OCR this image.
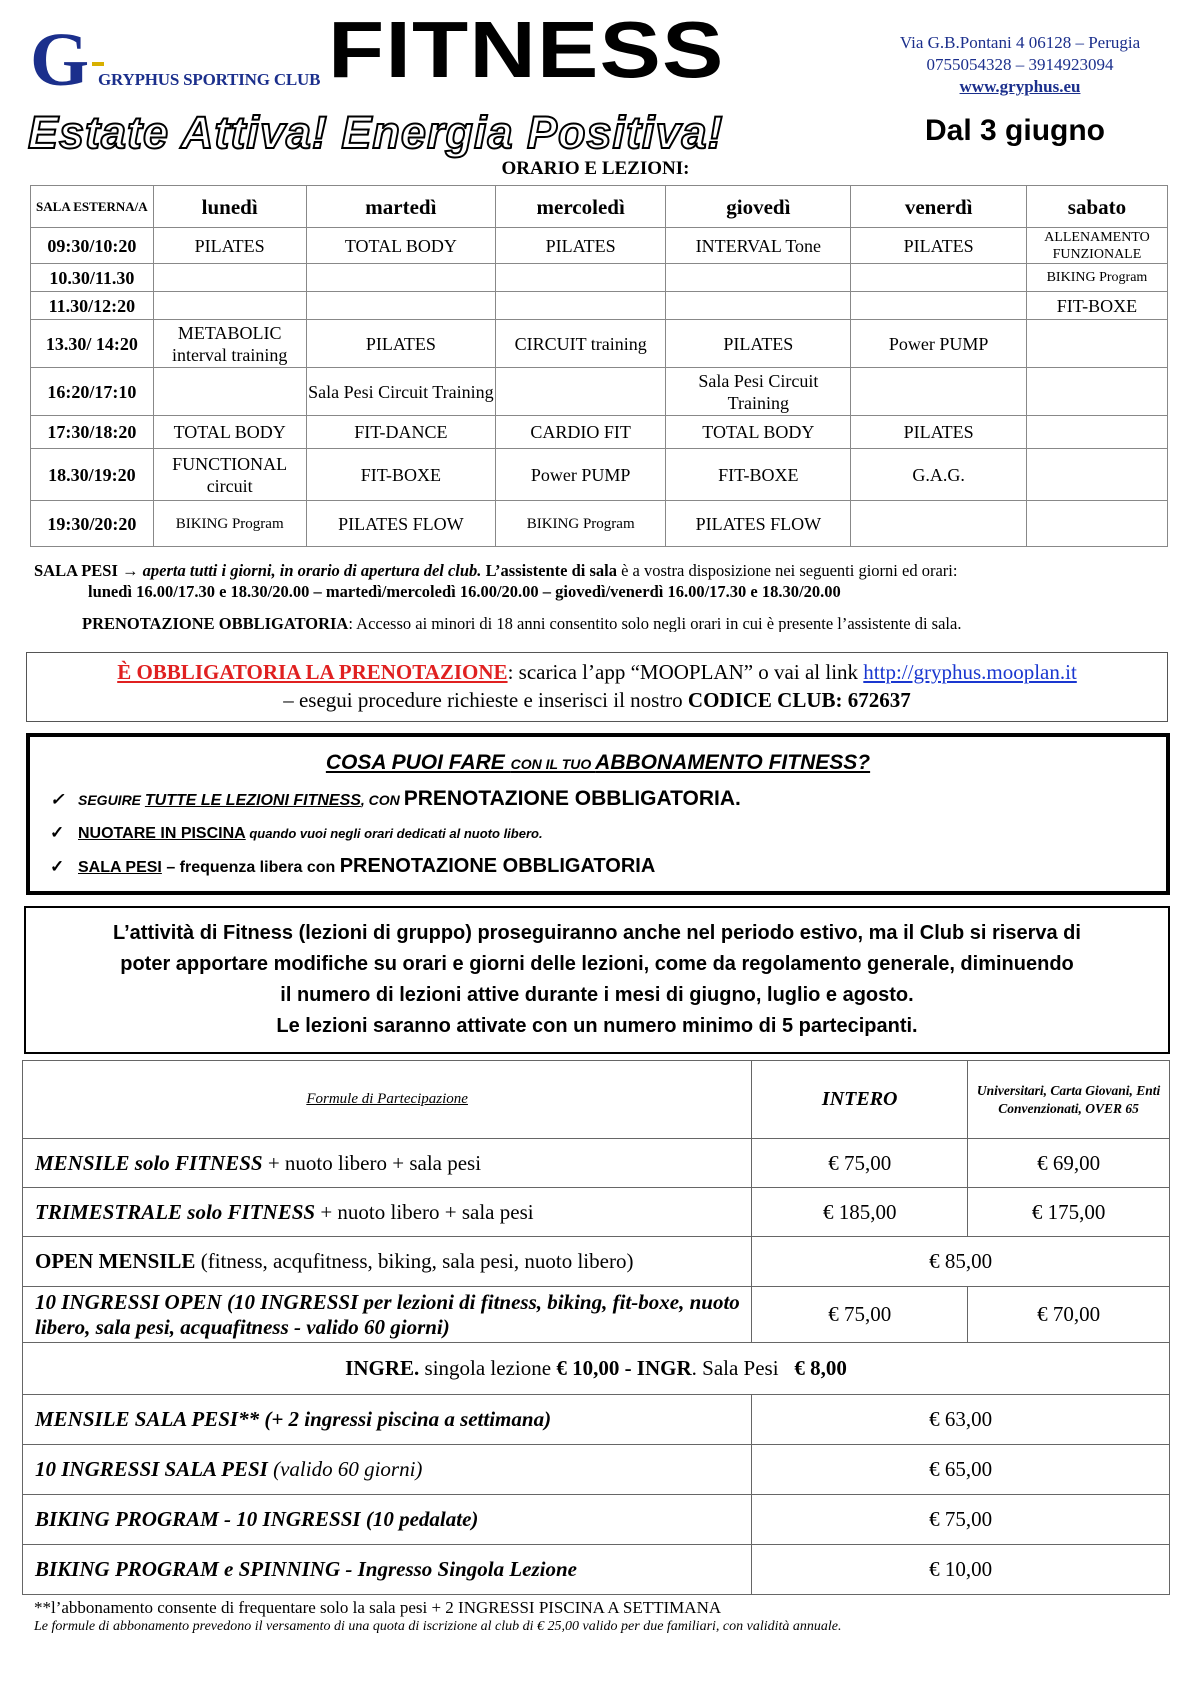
G GRYPHUS SPORTING CLUB FITNESS	Via G.B.Pontani 4 06128 – Perugia
0755054328 – 3914923094
www.gryphus.eu
Estate Attiva! Energia Positiva!	Dal 3 giugno
ORARIO E LEZIONI:
SALA ESTERNA/A	lunedì	martedì	mercoledì	giovedì	venerdì	sabato
09:30/10:20	PILATES	TOTAL BODY	PILATES	INTERVAL Tone	PILATES	ALLENAMENTO FUNZIONALE
10.30/11.30						BIKING Program
11.30/12:20						FIT-BOXE
13.30/ 14:20	METABOLIC interval training	PILATES	CIRCUIT training	PILATES	Power PUMP	
16:20/17:10		Sala Pesi Circuit Training		Sala Pesi Circuit Training		
17:30/18:20	TOTAL BODY	FIT-DANCE	CARDIO FIT	TOTAL BODY	PILATES	
18.30/19:20	FUNCTIONAL circuit	FIT-BOXE	Power PUMP	FIT-BOXE	G.A.G.	
19:30/20:20	BIKING Program	PILATES FLOW	BIKING Program	PILATES FLOW		
SALA PESI → aperta tutti i giorni, in orario di apertura del club. L’assistente di sala è a vostra disposizione nei seguenti giorni ed orari:
lunedì 16.00/17.30 e 18.30/20.00 – martedì/mercoledì 16.00/20.00 – giovedì/venerdì 16.00/17.30 e 18.30/20.00
PRENOTAZIONE OBBLIGATORIA: Accesso ai minori di 18 anni consentito solo negli orari in cui è presente l’assistente di sala.
È OBBLIGATORIA LA PRENOTAZIONE: scarica l’app “MOOPLAN” o vai al link http://gryphus.mooplan.it
– esegui procedure richieste e inserisci il nostro CODICE CLUB: 672637
COSA PUOI FARE CON IL TUO ABBONAMENTO FITNESS?
✓ SEGUIRE TUTTE LE LEZIONI FITNESS, CON PRENOTAZIONE OBBLIGATORIA.
✓ NUOTARE IN PISCINA quando vuoi negli orari dedicati al nuoto libero.
✓ SALA PESI – frequenza libera con PRENOTAZIONE OBBLIGATORIA
L’attività di Fitness (lezioni di gruppo) proseguiranno anche nel periodo estivo, ma il Club si riserva di
poter apportare modifiche su orari e giorni delle lezioni, come da regolamento generale, diminuendo
il numero di lezioni attive durante i mesi di giugno, luglio e agosto.
Le lezioni saranno attivate con un numero minimo di 5 partecipanti.
Formule di Partecipazione	INTERO	Universitari, Carta Giovani, Enti Convenzionati, OVER 65
MENSILE solo FITNESS + nuoto libero + sala pesi	€ 75,00	€ 69,00
TRIMESTRALE solo FITNESS + nuoto libero + sala pesi	€ 185,00	€ 175,00
OPEN MENSILE (fitness, acqufitness, biking, sala pesi, nuoto libero)	€ 85,00	
10 INGRESSI OPEN (10 INGRESSI per lezioni di fitness, biking, fit-boxe, nuoto libero, sala pesi, acquafitness - valido 60 giorni)	€ 75,00	€ 70,00
INGRE. singola lezione € 10,00 - INGR. Sala Pesi   € 8,00		
MENSILE SALA PESI** (+ 2 ingressi piscina a settimana)	€ 63,00	
10 INGRESSI SALA PESI (valido 60 giorni)	€ 65,00	
BIKING PROGRAM - 10 INGRESSI (10 pedalate)	€ 75,00	
BIKING PROGRAM e SPINNING - Ingresso Singola Lezione	€ 10,00	
**l’abbonamento consente di frequentare solo la sala pesi + 2 INGRESSI PISCINA A SETTIMANA
Le formule di abbonamento prevedono il versamento di una quota di iscrizione al club di € 25,00 valido per due familiari, con validità annuale.
